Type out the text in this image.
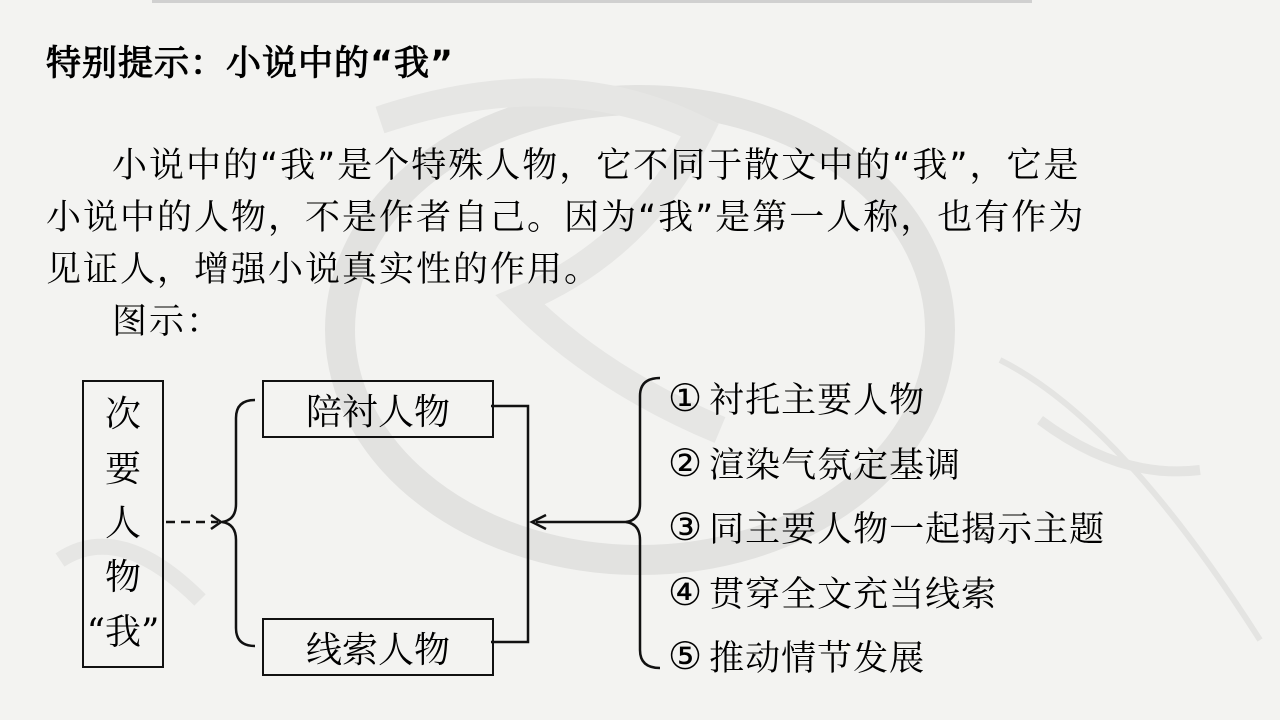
特别提示：小说中的“我”
小说中的“我”是个特殊人物，它不同于散文中的“我”，它是
小说中的人物，不是作者自己。因为“我”是第一人称，也有作为
见证人，增强小说真实性的作用。
图示：
次
要
人
物
“我”
陪衬人物
线索人物
① 衬托主要人物
② 渲染气氛定基调
③ 同主要人物一起揭示主题
④ 贯穿全文充当线索
⑤ 推动情节发展
